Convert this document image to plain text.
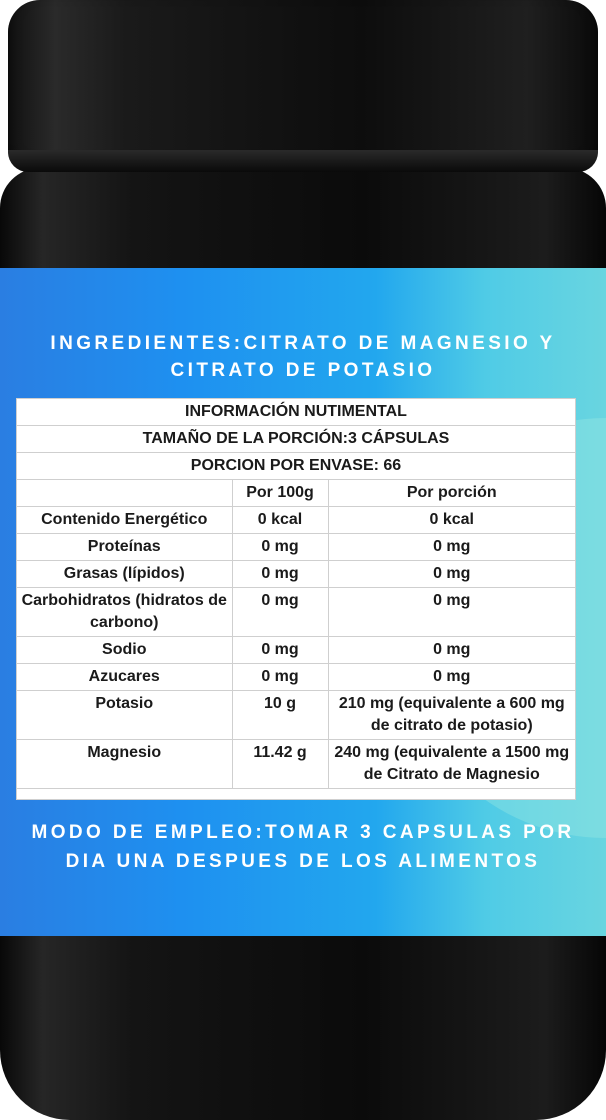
INGREDIENTES:CITRATO DE MAGNESIO Y CITRATO DE POTASIO
INFORMACIÓN NUTIMENTAL		
TAMAÑO DE LA PORCIÓN:3 CÁPSULAS		
PORCION POR ENVASE: 66		
	Por 100g	Por porción
Contenido Energético	0 kcal	0 kcal
Proteínas	0 mg	0 mg
Grasas (lípidos)	0 mg	0 mg
Carbohidratos (hidratos de carbono)	0 mg	0 mg
Sodio	0 mg	0 mg
Azucares	0 mg	0 mg
Potasio	10 g	210 mg (equivalente a 600 mg de citrato de potasio)
Magnesio	11.42 g	240 mg (equivalente a 1500 mg de Citrato de Magnesio
MODO DE EMPLEO:TOMAR 3 CAPSULAS POR DIA UNA DESPUES DE LOS ALIMENTOS
